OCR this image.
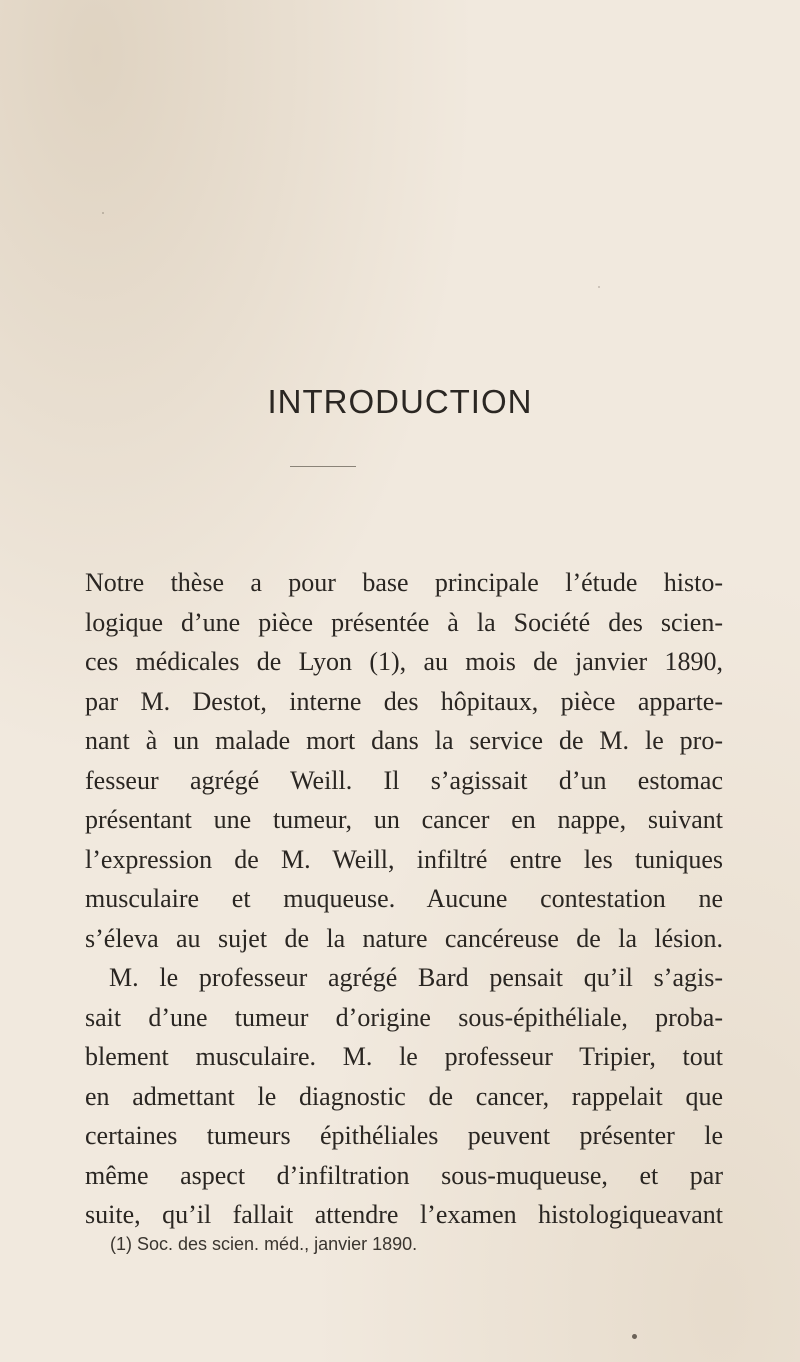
INTRODUCTION
Notre thèse a pour base principale l’étude histo-
logique d’une pièce présentée à la Société des scien-
ces médicales de Lyon (1), au mois de janvier 1890,
par M. Destot, interne des hôpitaux, pièce apparte-
nant à un malade mort dans la service de M. le pro-
fesseur agrégé Weill. Il s’agissait d’un estomac
présentant une tumeur, un cancer en nappe, suivant
l’expression de M. Weill, infiltré entre les tuniques
musculaire et muqueuse. Aucune contestation ne
s’éleva au sujet de la nature cancéreuse de la lésion.
M. le professeur agrégé Bard pensait qu’il s’agis-
sait d’une tumeur d’origine sous-épithéliale, proba-
blement musculaire. M. le professeur Tripier, tout
en admettant le diagnostic de cancer, rappelait que
certaines tumeurs épithéliales peuvent présenter le
même aspect d’infiltration sous-muqueuse, et par
suite, qu’il fallait attendre l’examen histologiqueavant

(1) Soc. des scien. méd., janvier 1890.
